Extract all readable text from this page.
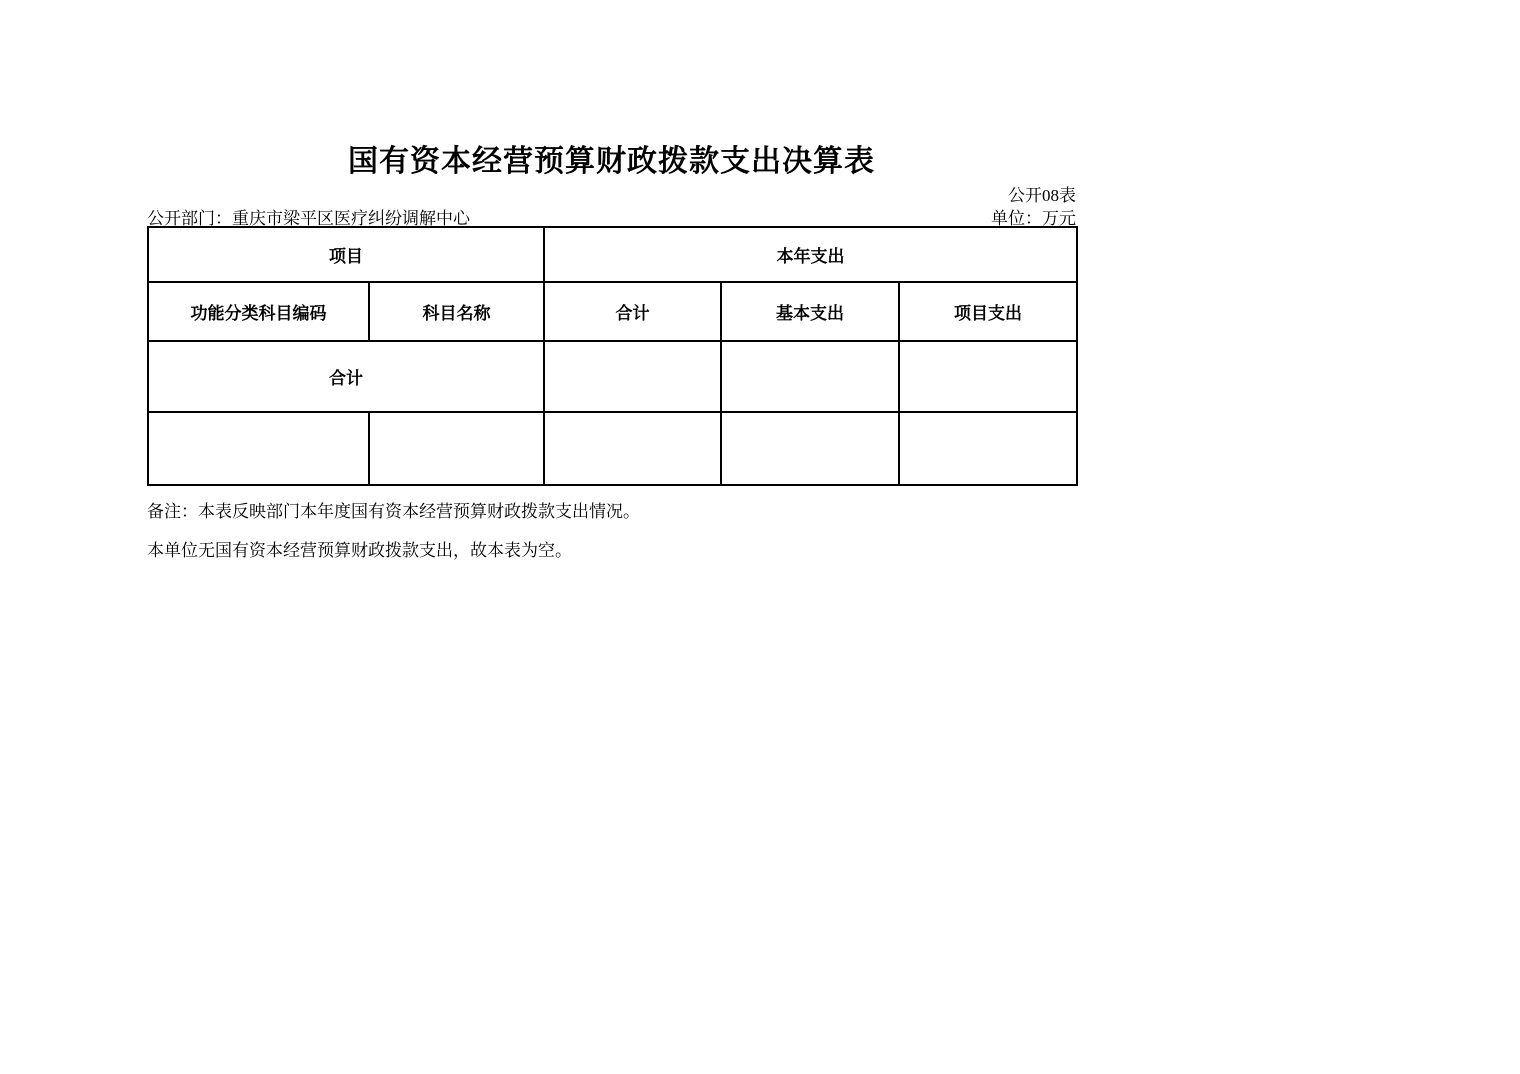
国有资本经营预算财政拨款支出决算表
公开08表
公开部门：重庆市梁平区医疗纠纷调解中心	单位：万元
项目		本年支出		
功能分类科目编码	科目名称	合计	基本支出	项目支出
合计				

备注：本表反映部门本年度国有资本经营预算财政拨款支出情况。
本单位无国有资本经营预算财政拨款支出，故本表为空。
